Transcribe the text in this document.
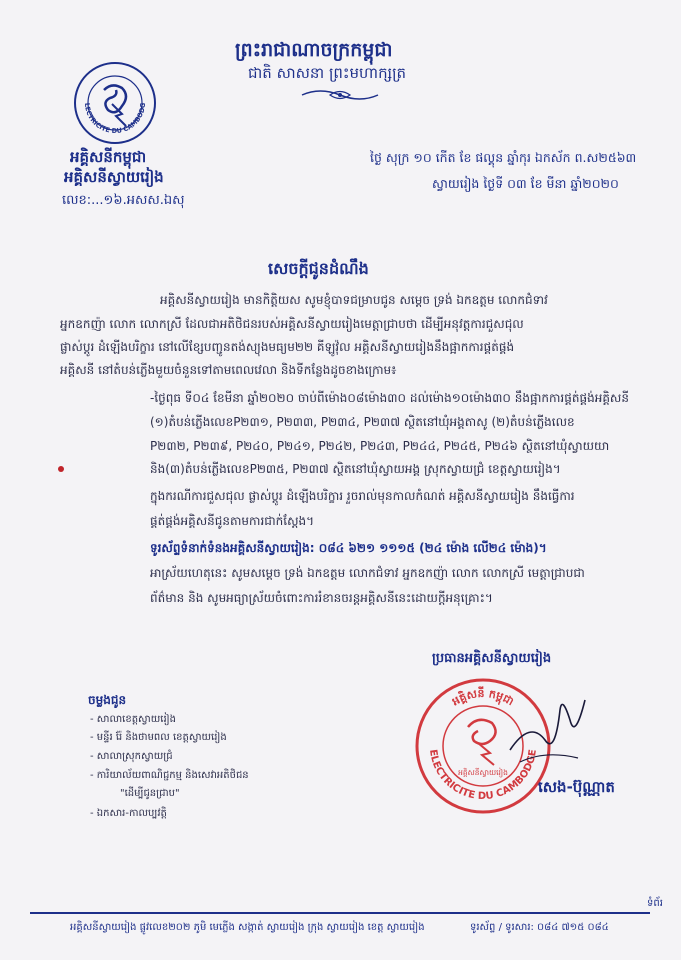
ព្រះរាជាណាចក្រកម្ពុជា
ជាតិ សាសនា ព្រះមហាក្សត្រ
LECTRICITE DU CAMBODG
អគ្គិសនីកម្ពុជា
អគ្គិសនីស្វាយរៀង
លេខ:...១៦.អសស.ឯសុ
ថ្ងៃ សុក្រ ១០ កើត ខែ ផល្គុន ឆ្នាំកុរ ឯកស័ក ព.ស២៥៦៣
ស្វាយរៀង ថ្ងៃទី ០៣ ខែ មីនា ឆ្នាំ២០២០
សេចក្ដីជូនដំណឹង
អគ្គិសនីស្វាយរៀង មានកិត្តិយស សូមខ្ញុំបាទជម្រាបជូន សម្ដេច ទ្រង់ ឯកឧត្ដម លោកជំទាវ
អ្នកឧកញ៉ា លោក លោកស្រី ដែលជាអតិថិជនរបស់អគ្គិសនីស្វាយរៀងមេត្ដាជ្រាបថា ដើម្បីអនុវត្តការជួសជុល
ផ្លាស់ប្ដូរ ដំឡើងបរិក្ខារ នៅលើខ្សែបញ្ជូនតង់ស្យុងមធ្យម២២ គីឡូវ៉ុល អគ្គិសនីស្វាយរៀងនឹងផ្អាកការផ្គត់ផ្គង់
អគ្គិសនី នៅតំបន់ភ្លើងមួយចំនួនទៅតាមពេលវេលា និងទីកន្លែងដូចខាងក្រោម៖
-ថ្ងៃពុធ ទី០៤ ខែមីនា ឆ្នាំ២០២០ ចាប់ពីម៉ោង០៨ម៉ោង៣០ ដល់ម៉ោង១០ម៉ោង៣០ នឹងផ្អាកការផ្គត់ផ្គង់អគ្គិសនី
(១)តំបន់ភ្លើងលេខP២៣១, P២៣៣, P២៣៤, P២៣៧ ស្ថិតនៅឃុំអង្គតាសូ (២)តំបន់ភ្លើងលេខ
P២៣២, P២៣៩, P២៤០, P២៤១, P២៤២, P២៤៣, P២៤៤, P២៤៥, P២៤៦ ស្ថិតនៅឃុំស្វាយយា
និង(៣)តំបន់ភ្លើងលេខP២៣៥, P២៣៧ ស្ថិតនៅឃុំស្វាយអង្គ ស្រុកស្វាយជ្រំ ខេត្តស្វាយរៀង។
ក្នុងករណីការជួសជុល ផ្លាស់ប្ដូរ ដំឡើងបរិក្ខារ រួចរាល់មុនកាលកំណត់ អគ្គិសនីស្វាយរៀង នឹងធ្វើការ
ផ្គត់ផ្គង់អគ្គិសនីជូនតាមការជាក់ស្ដែង។
ទូរស័ព្ទទំនាក់ទំនងអគ្គិសនីស្វាយរៀង: ០៨៤ ៦២១ ១១១៥ (២៤ ម៉ោង លើ២៤ ម៉ោង)។
អាស្រ័យហេតុនេះ សូមសម្ដេច ទ្រង់ ឯកឧត្ដម លោកជំទាវ អ្នកឧកញ៉ា លោក លោកស្រី មេត្ដាជ្រាបជា
ព័ត៌មាន និង សូមអធ្យាស្រ័យចំពោះការរំខានចរន្តអគ្គិសនីនេះដោយក្ដីអនុគ្រោះ។
ប្រធានអគ្គិសនីស្វាយរៀង
អគ្គិសនី កម្ពុជា
ELECTRICITE DU CAMBODGE
អគ្គិសនីស្វាយរៀង
សេង-ប៊ុណ្ណាត
ចម្លងជូន
- សាលាខេត្តស្វាយរៀង
- មន្ទីរ រ៉ែ និងថាមពល ខេត្តស្វាយរៀង
- សាលាស្រុកស្វាយជ្រំ
- ការិយាល័យពាណិជ្ជកម្ម និងសេវាអតិថិជន
"ដើម្បីជូនជ្រាប"
- ឯកសារ-កាលប្បវត្តិ
ទំព័រ
អគ្គិសនីស្វាយរៀង ផ្លូវលេខ២០២ ភូមិ មេភ្លើង សង្កាត់ ស្វាយរៀង ក្រុង ស្វាយរៀង ខេត្ត ស្វាយរៀង	ទូរស័ព្ទ / ទូរសារ: ០៨៤ ៧១៥ ០៨៤
